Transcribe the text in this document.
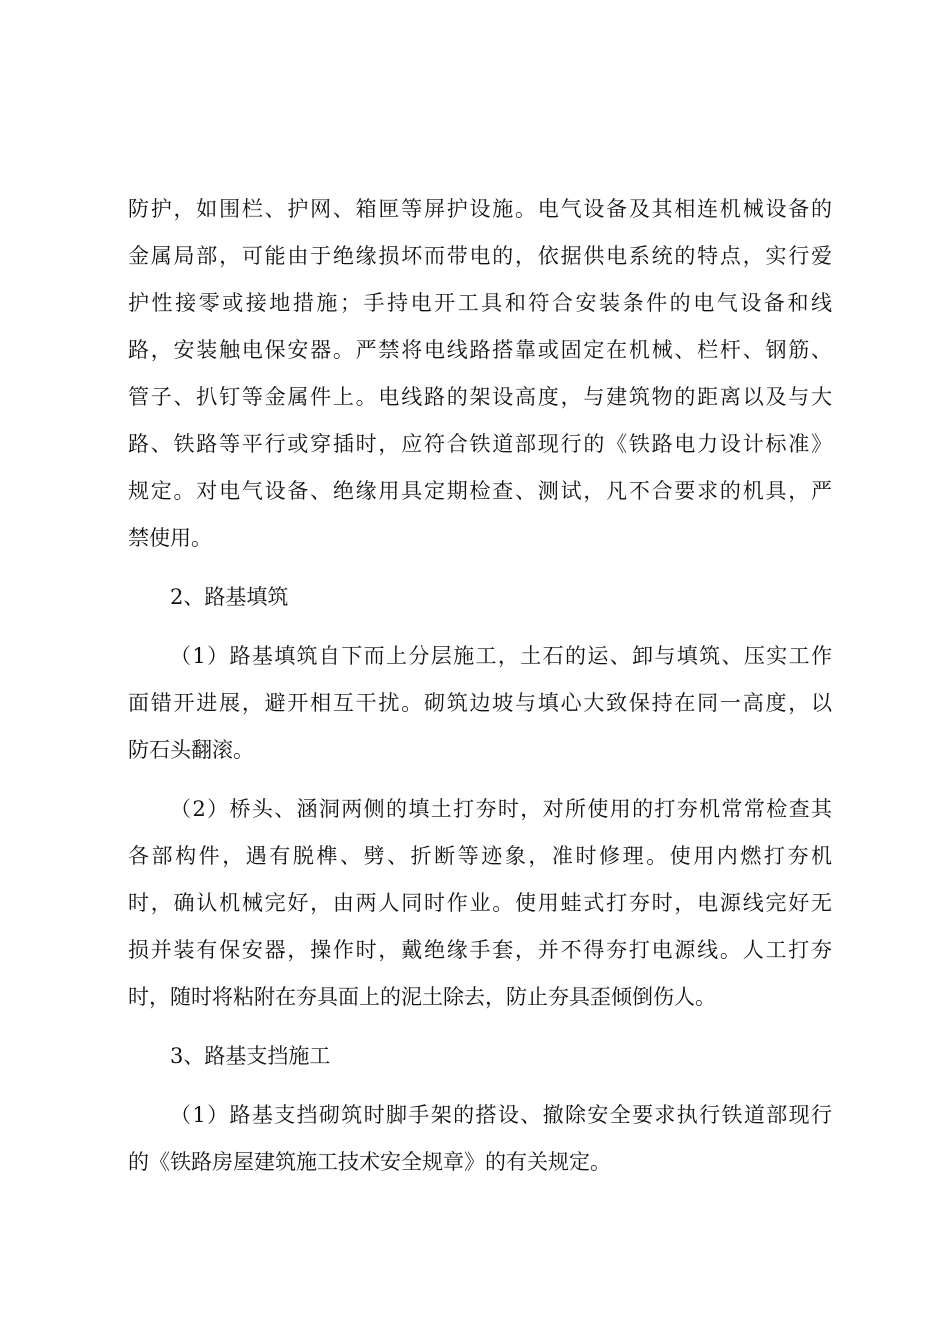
防护，如围栏、护网、箱匣等屏护设施。电气设备及其相连机械设备的
金属局部，可能由于绝缘损坏而带电的，依据供电系统的特点，实行爱
护性接零或接地措施；手持电开工具和符合安装条件的电气设备和线
路，安装触电保安器。严禁将电线路搭靠或固定在机械、栏杆、钢筋、
管子、扒钉等金属件上。电线路的架设高度，与建筑物的距离以及与大
路、铁路等平行或穿插时，应符合铁道部现行的《铁路电力设计标准》
规定。对电气设备、绝缘用具定期检查、测试，凡不合要求的机具，严
禁使用。
2、路基填筑
（1）路基填筑自下而上分层施工，土石的运、卸与填筑、压实工作
面错开进展，避开相互干扰。砌筑边坡与填心大致保持在同一高度，以
防石头翻滚。
（2）桥头、涵洞两侧的填土打夯时，对所使用的打夯机常常检查其
各部构件，遇有脱榫、劈、折断等迹象，准时修理。使用内燃打夯机
时，确认机械完好，由两人同时作业。使用蛙式打夯时，电源线完好无
损并装有保安器，操作时，戴绝缘手套，并不得夯打电源线。人工打夯
时，随时将粘附在夯具面上的泥土除去，防止夯具歪倾倒伤人。
3、路基支挡施工
（1）路基支挡砌筑时脚手架的搭设、撤除安全要求执行铁道部现行
的《铁路房屋建筑施工技术安全规章》的有关规定。
